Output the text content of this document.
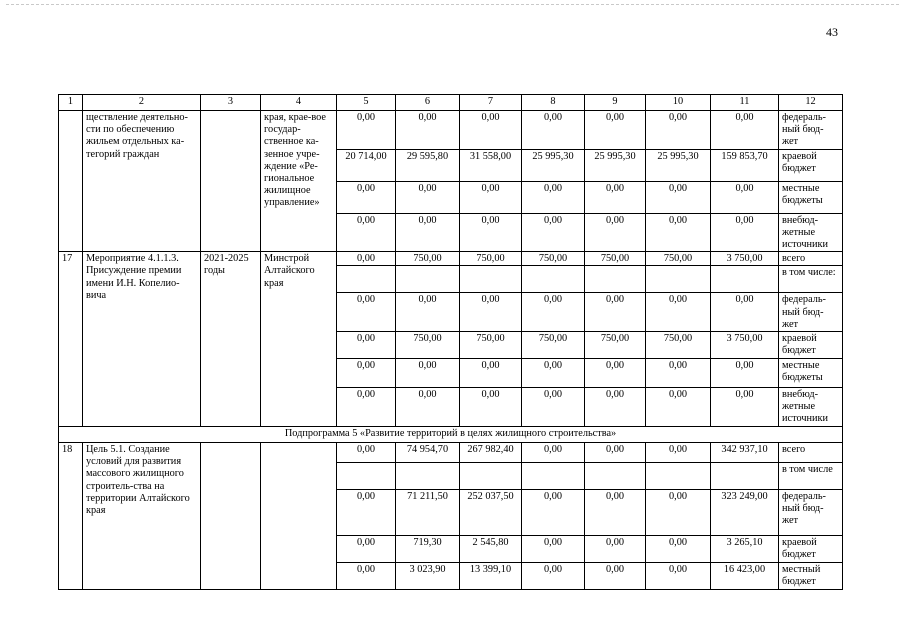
43
1	2	3	4	5	6	7	8	9	10	11	12
	ществление деятельно-сти по обеспечению жильем отдельных ка-тегорий граждан		края, крае-вое государ-ственное ка-зенное учре-ждение «Ре-гиональное жилищное управление»	0,00	0,00	0,00	0,00	0,00	0,00	0,00	федераль-ный бюд-жет
				20 714,00	29 595,80	31 558,00	25 995,30	25 995,30	25 995,30	159 853,70	краевой бюджет
				0,00	0,00	0,00	0,00	0,00	0,00	0,00	местные бюджеты
				0,00	0,00	0,00	0,00	0,00	0,00	0,00	внебюд-жетные источники
17	Мероприятие 4.1.1.3. Присуждение премии имени И.Н. Копелио-вича	2021-2025 годы	Минстрой Алтайского края	0,00	750,00	750,00	750,00	750,00	750,00	3 750,00	всего
											в том числе:
				0,00	0,00	0,00	0,00	0,00	0,00	0,00	федераль-ный бюд-жет
				0,00	750,00	750,00	750,00	750,00	750,00	3 750,00	краевой бюджет
				0,00	0,00	0,00	0,00	0,00	0,00	0,00	местные бюджеты
				0,00	0,00	0,00	0,00	0,00	0,00	0,00	внебюд-жетные источники
Подпрограмма 5 «Развитие территорий в целях жилищного строительства»											
18	Цель 5.1. Создание условий для развития массового жилищного строитель-ства на территории Алтайского края			0,00	74 954,70	267 982,40	0,00	0,00	0,00	342 937,10	всего
											в том числе
				0,00	71 211,50	252 037,50	0,00	0,00	0,00	323 249,00	федераль-ный бюд-жет
				0,00	719,30	2 545,80	0,00	0,00	0,00	3 265,10	краевой бюджет
				0,00	3 023,90	13 399,10	0,00	0,00	0,00	16 423,00	местный бюджет
